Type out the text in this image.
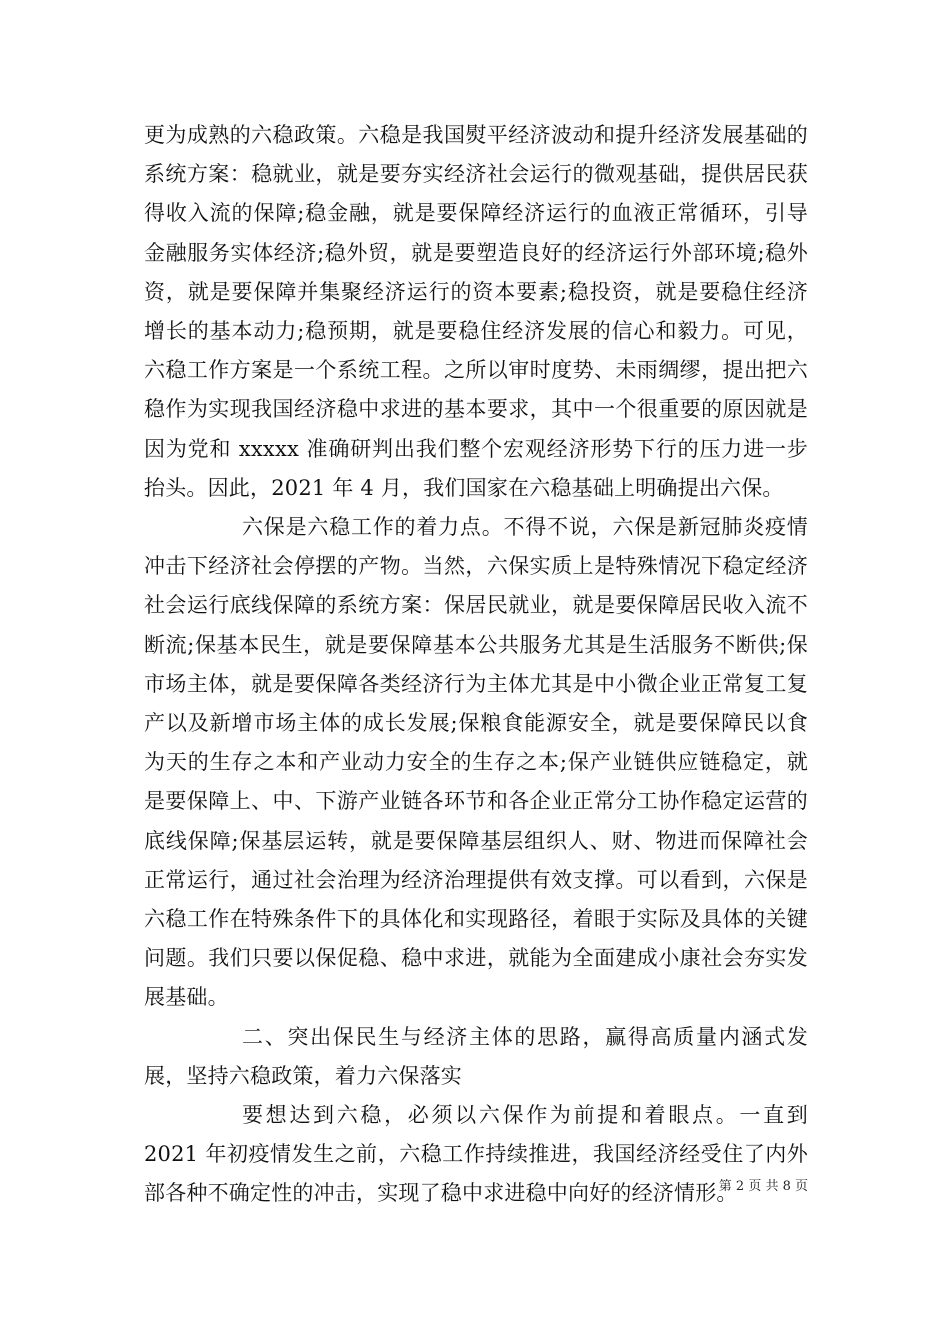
更为成熟的六稳政策。六稳是我国熨平经济波动和提升经济发展基础的系统方案：稳就业，就是要夯实经济社会运行的微观基础，提供居民获得收入流的保障;稳金融，就是要保障经济运行的血液正常循环，引导金融服务实体经济;稳外贸，就是要塑造良好的经济运行外部环境;稳外资，就是要保障并集聚经济运行的资本要素;稳投资，就是要稳住经济增长的基本动力;稳预期，就是要稳住经济发展的信心和毅力。可见，六稳工作方案是一个系统工程。之所以审时度势、未雨绸缪，提出把六稳作为实现我国经济稳中求进的基本要求，其中一个很重要的原因就是因为党和 xxxxx 准确研判出我们整个宏观经济形势下行的压力进一步抬头。因此，2021 年 4 月，我们国家在六稳基础上明确提出六保。

六保是六稳工作的着力点。不得不说，六保是新冠肺炎疫情冲击下经济社会停摆的产物。当然，六保实质上是特殊情况下稳定经济社会运行底线保障的系统方案：保居民就业，就是要保障居民收入流不断流;保基本民生，就是要保障基本公共服务尤其是生活服务不断供;保市场主体，就是要保障各类经济行为主体尤其是中小微企业正常复工复产以及新增市场主体的成长发展;保粮食能源安全，就是要保障民以食为天的生存之本和产业动力安全的生存之本;保产业链供应链稳定，就是要保障上、中、下游产业链各环节和各企业正常分工协作稳定运营的底线保障;保基层运转，就是要保障基层组织人、财、物进而保障社会正常运行，通过社会治理为经济治理提供有效支撑。可以看到，六保是六稳工作在特殊条件下的具体化和实现路径，着眼于实际及具体的关键问题。我们只要以保促稳、稳中求进，就能为全面建成小康社会夯实发展基础。

二、突出保民生与经济主体的思路，赢得高质量内涵式发展，坚持六稳政策，着力六保落实

要想达到六稳，必须以六保作为前提和着眼点。一直到 2021 年初疫情发生之前，六稳工作持续推进，我国经济经受住了内外部各种不确定性的冲击，实现了稳中求进稳中向好的经济情形。

第 2 页 共 8 页
